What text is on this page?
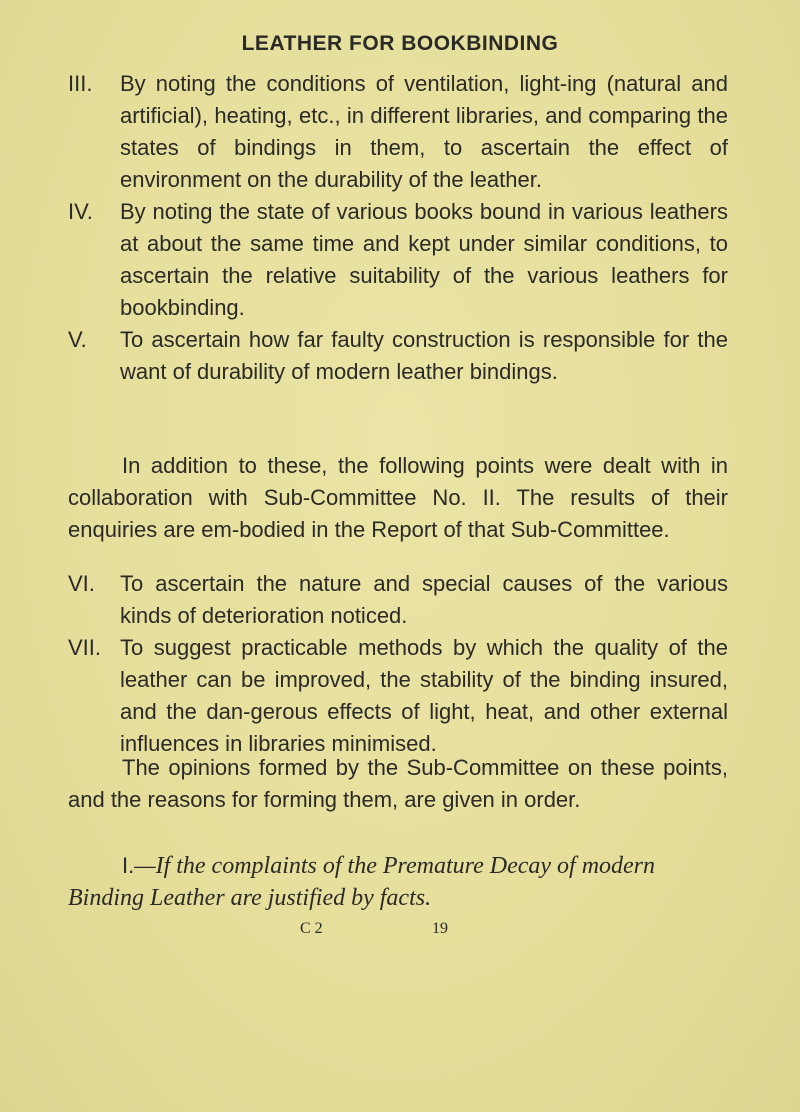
LEATHER FOR BOOKBINDING
III.	By noting the conditions of ventilation, light-ing (natural and artificial), heating, etc., in different libraries, and comparing the states of bindings in them, to ascertain the effect of environment on the durability of the leather.
IV.	By noting the state of various books bound in various leathers at about the same time and kept under similar conditions, to ascertain the relative suitability of the various leathers for bookbinding.
V.	To ascertain how far faulty construction is responsible for the want of durability of modern leather bindings.
In addition to these, the following points were dealt with in collaboration with Sub-Committee No. II. The results of their enquiries are em-bodied in the Report of that Sub-Committee.
VI.	To ascertain the nature and special causes of the various kinds of deterioration noticed.
VII. To suggest practicable methods by which the quality of the leather can be improved, the stability of the binding insured, and the dan-gerous effects of light, heat, and other external influences in libraries minimised.
The opinions formed by the Sub-Committee on these points, and the reasons for forming them, are given in order.
I.—If the complaints of the Premature Decay of modern Binding Leather are justified by facts.
C 2	19
